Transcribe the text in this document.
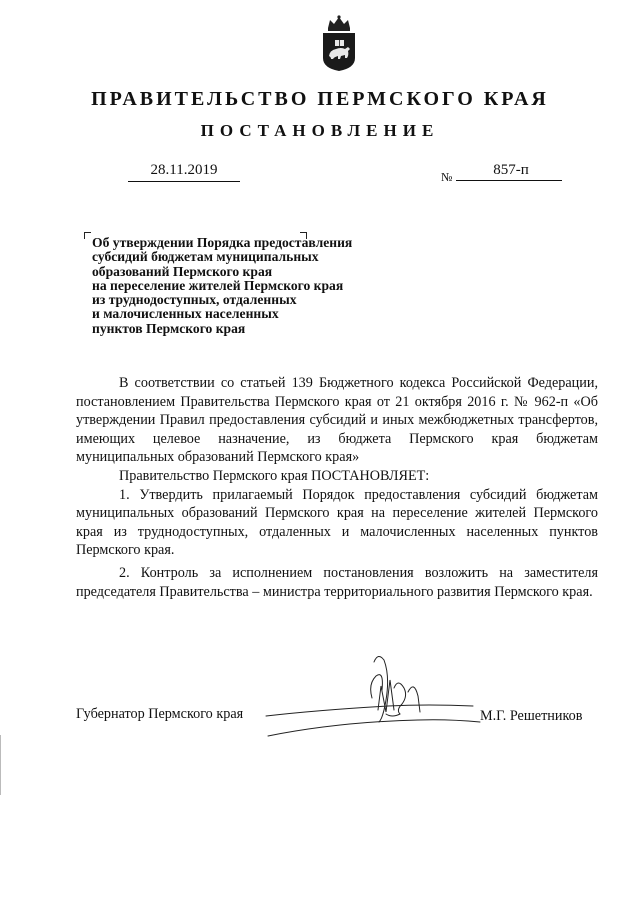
ПРАВИТЕЛЬСТВО ПЕРМСКОГО КРАЯ
ПОСТАНОВЛЕНИЕ
28.11.2019	№	857-п
Об утверждении Порядка предоставления
субсидий бюджетам муниципальных
образований Пермского края
на переселение жителей Пермского края
из труднодоступных, отдаленных
и малочисленных населенных
пунктов Пермского края

В соответствии со статьей 139 Бюджетного кодекса Российской Федерации, постановлением Правительства Пермского края от 21 октября 2016 г. № 962-п «Об утверждении Правил предоставления субсидий и иных межбюджетных трансфертов, имеющих целевое назначение, из бюджета Пермского края бюджетам муниципальных образований Пермского края»

Правительство Пермского края ПОСТАНОВЛЯЕТ:

1. Утвердить прилагаемый Порядок предоставления субсидий бюджетам муниципальных образований Пермского края на переселение жителей Пермского края из труднодоступных, отдаленных и малочисленных населенных пунктов Пермского края.

2. Контроль за исполнением постановления возложить на заместителя председателя Правительства – министра территориального развития Пермского края.

Губернатор Пермского края	М.Г. Решетников
